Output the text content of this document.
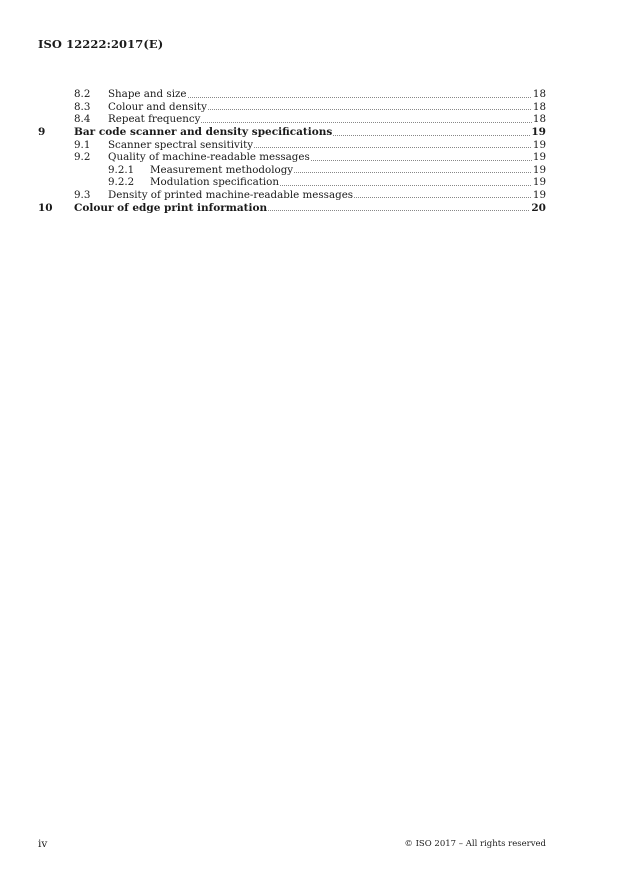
ISO 12222:2017(E)
8.2	Shape and size	18
8.3	Colour and density	18
8.4	Repeat frequency	18
9	Bar code scanner and density specifications	19
9.1	Scanner spectral sensitivity	19
9.2	Quality of machine-readable messages	19
9.2.1	Measurement methodology	19
9.2.2	Modulation specification	19
9.3	Density of printed machine-readable messages	19
10	Colour of edge print information	20
iv	© ISO 2017 – All rights reserved
